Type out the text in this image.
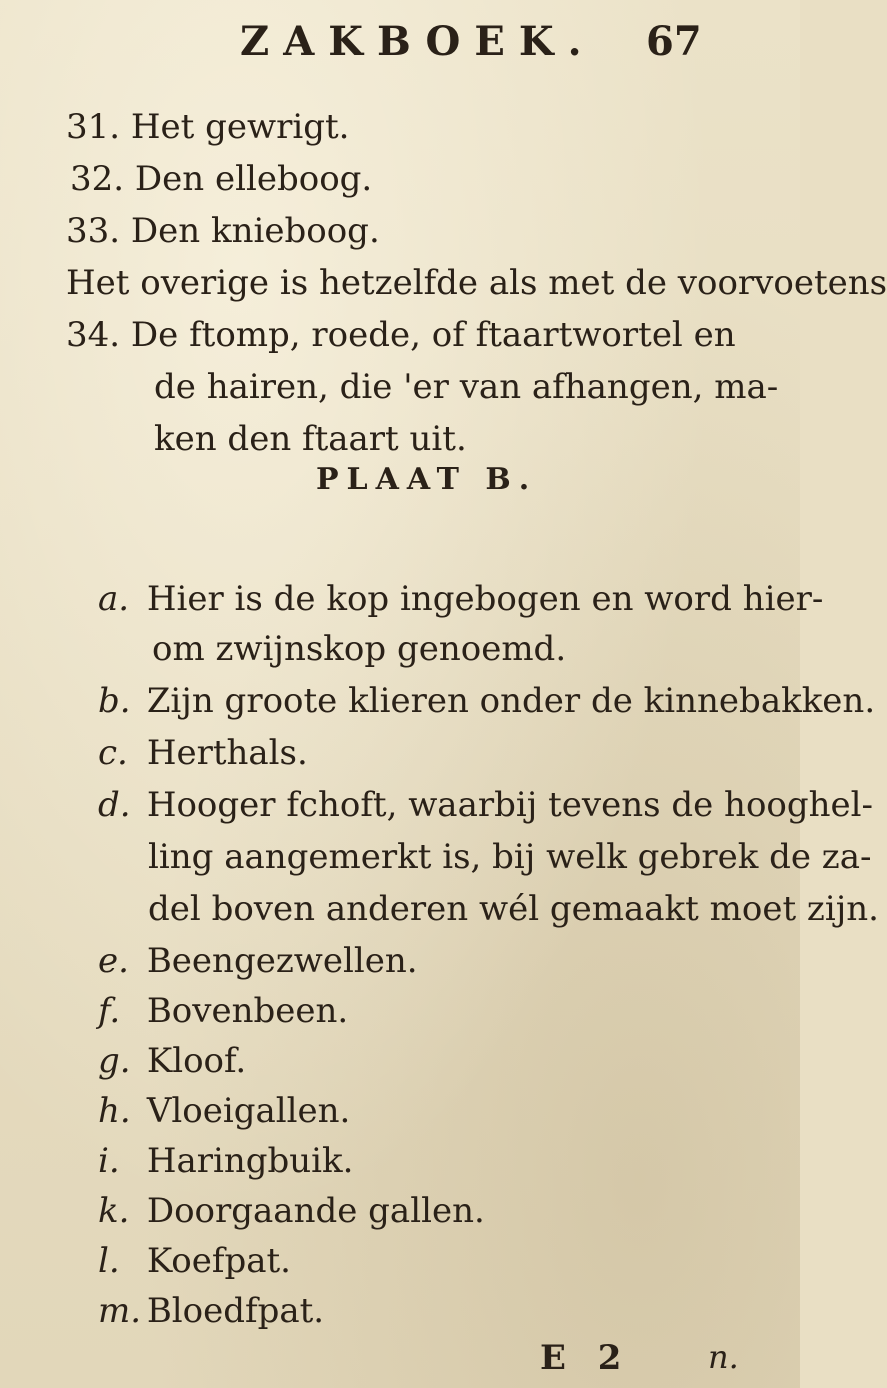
ZAKBOEK. 67
31. Het gewrigt.
32. Den elleboog.
33. Den knieboog.
Het overige is hetzelfde als met de voorvoetens
34. De ftomp, roede, of ftaartwortel en
de hairen, die 'er van afhangen, ma-
ken den ftaart uit.
PLAAT B.
a. Hier is de kop ingebogen en word hier-
om zwijnskop genoemd.
b. Zijn groote klieren onder de kinnebakken.
c. Herthals.
d. Hooger fchoft, waarbij tevens de hooghel-
ling aangemerkt is, bij welk gebrek de za-
del boven anderen wél gemaakt moet zijn.
e. Beengezwellen.
f. Bovenbeen.
g. Kloof.
h. Vloeigallen.
i. Haringbuik.
k. Doorgaande gallen.
l. Koefpat.
m. Bloedfpat.
E 2 n.
